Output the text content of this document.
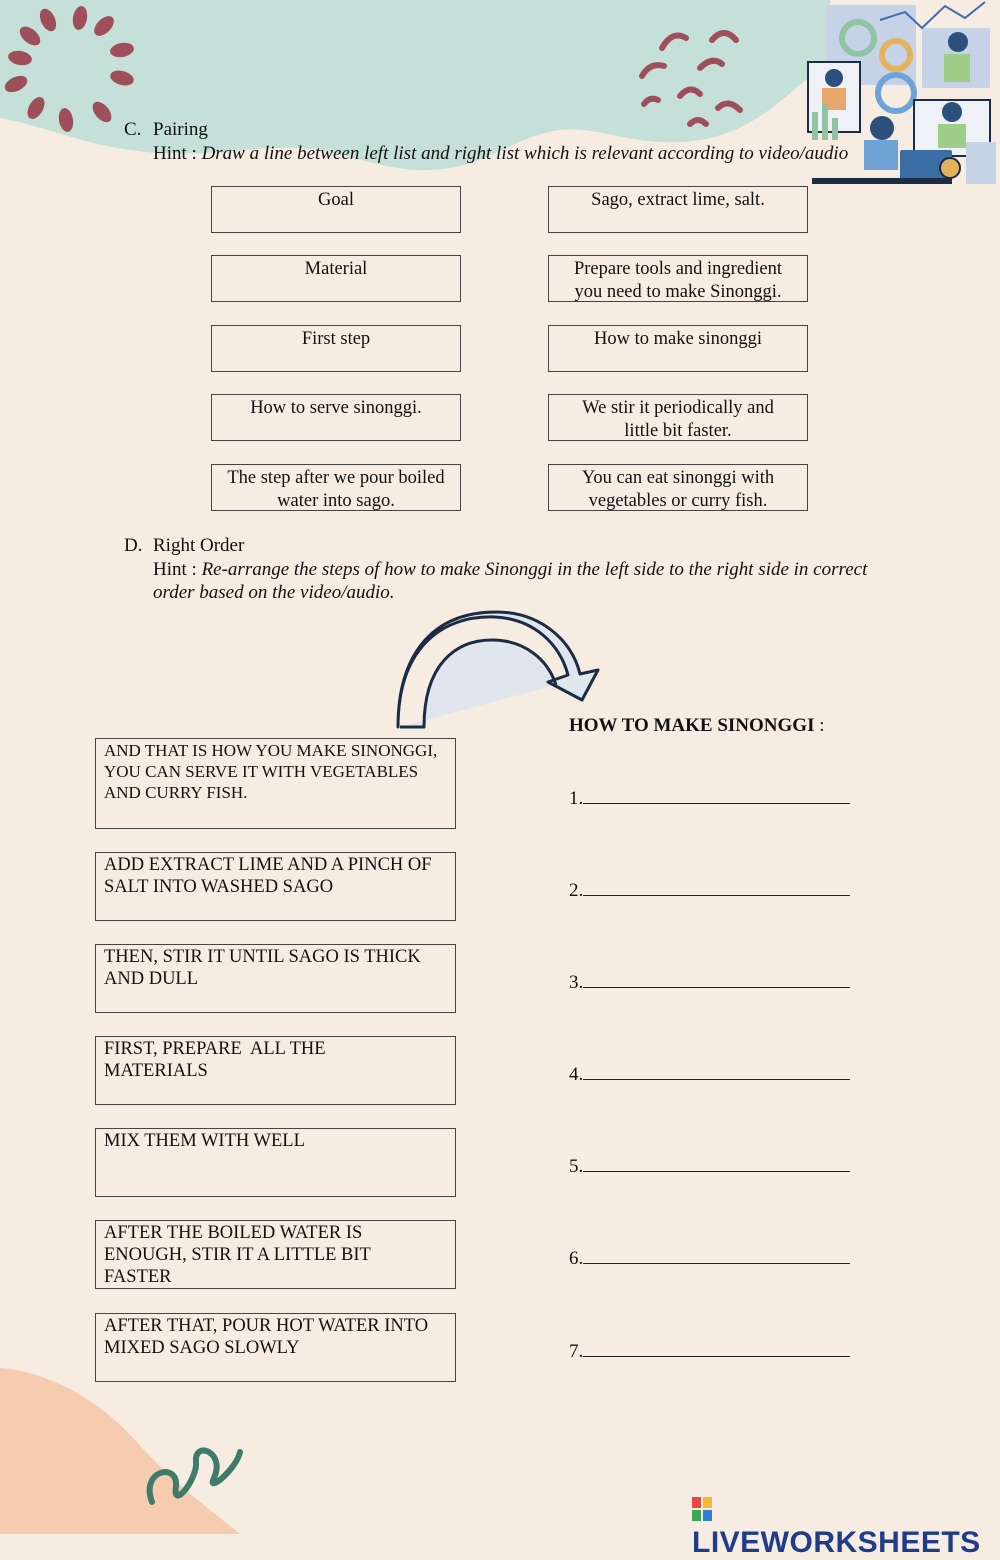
C. Pairing
Hint : Draw a line between left list and right list which is relevant according to video/audio
Goal
Material
First step
How to serve sinonggi.
The step after we pour boiled water into sago.
Sago, extract lime, salt.
Prepare tools and ingredient you need to make Sinonggi.
How to make sinonggi
We stir it periodically and little bit faster.
You can eat sinonggi with vegetables or curry fish.
D. Right Order
Hint : Re-arrange the steps of how to make Sinonggi in the left side to the right side in correct order based on the video/audio.
HOW TO MAKE SINONGGI :
AND THAT IS HOW YOU MAKE SINONGGI, YOU CAN SERVE IT WITH VEGETABLES AND CURRY FISH.
ADD EXTRACT LIME AND A PINCH OF SALT INTO WASHED SAGO
THEN, STIR IT UNTIL SAGO IS THICK AND DULL
FIRST, PREPARE  ALL THE MATERIALS
MIX THEM WITH WELL
AFTER THE BOILED WATER IS ENOUGH, STIR IT A LITTLE BIT FASTER
AFTER THAT, POUR HOT WATER INTO MIXED SAGO SLOWLY
1.
2.
3.
4.
5.
6.
7.
LIVEWORKSHEETS
